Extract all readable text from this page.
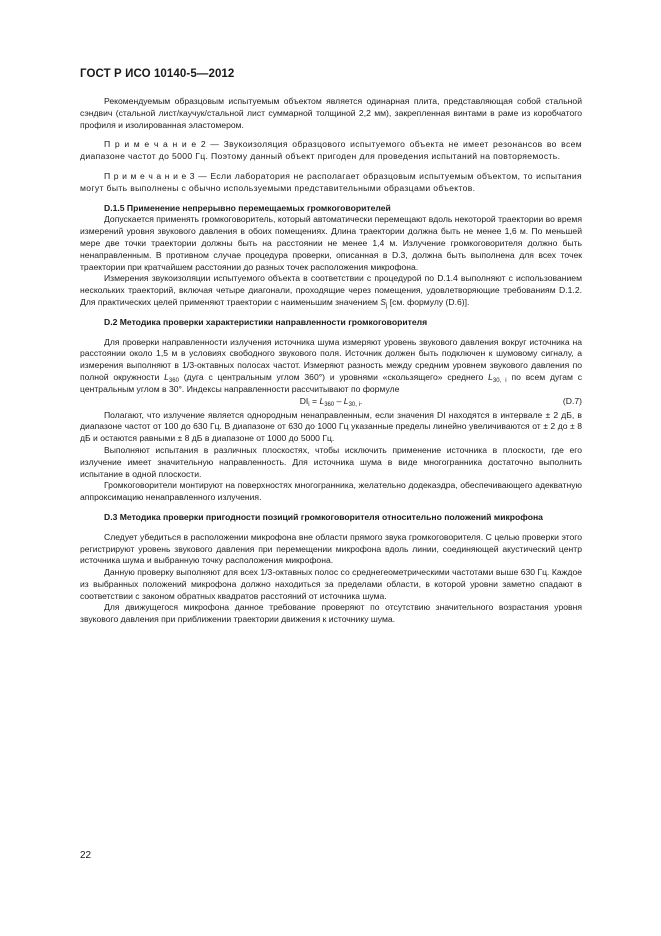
ГОСТ Р ИСО 10140-5—2012

Рекомендуемым образцовым испытуемым объектом является одинарная плита, представляющая собой стальной сэндвич (стальной лист/каучук/стальной лист суммарной толщиной 2,2 мм), закрепленная винтами в раме из коробчатого профиля и изолированная эластомером.

П р и м е ч а н и е 2 — Звукоизоляция образцового испытуемого объекта не имеет резонансов во всем диапазоне частот до 5000 Гц. Поэтому данный объект пригоден для проведения испытаний на повторяемость.

П р и м е ч а н и е 3 — Если лаборатория не располагает образцовым испытуемым объектом, то испытания могут быть выполнены с обычно используемыми представительными образцами объектов.

D.1.5 Применение непрерывно перемещаемых громкоговорителей

Допускается применять громкоговоритель, который автоматически перемещают вдоль некоторой траектории во время измерений уровня звукового давления в обоих помещениях. Длина траектории должна быть не менее 1,6 м. По меньшей мере две точки траектории должны быть на расстоянии не менее 1,4 м. Излучение громкоговорителя должно быть ненаправленным. В противном случае процедура проверки, описанная в D.3, должна быть выполнена для всех точек траектории при кратчайшем расстоянии до разных точек расположения микрофона.

Измерения звукоизоляции испытуемого объекта в соответствии с процедурой по D.1.4 выполняют с использованием нескольких траекторий, включая четыре диагонали, проходящие через помещения, удовлетворяющие требованиям D.1.2. Для практических целей применяют траектории с наименьшим значением $S_j$ [см. формулу (D.6)].

D.2 Методика проверки характеристики направленности громкоговорителя

Для проверки направленности излучения источника шума измеряют уровень звукового давления вокруг источника на расстоянии около 1,5 м в условиях свободного звукового поля. Источник должен быть подключен к шумовому сигналу, а измерения выполняют в 1/3-октавных полосах частот. Измеряют разность между средним уровнем звукового давления по полной окружности $L_{360}$ (дуга с центральным углом 360°) и уровнями «скользящего» среднего $L_{30, i}$ по всем дугам с центральным углом в 30°. Индексы направленности рассчитывают по формуле

$DI_i = L_{360} - L_{30, i}$.	(D.7)

Полагают, что излучение является однородным ненаправленным, если значения DI находятся в интервале ± 2 дБ, в диапазоне частот от 100 до 630 Гц. В диапазоне от 630 до 1000 Гц указанные пределы линейно увеличиваются от ± 2 до ± 8 дБ и остаются равными ± 8 дБ в диапазоне от 1000 до 5000 Гц.

Выполняют испытания в различных плоскостях, чтобы исключить применение источника в плоскости, где его излучение имеет значительную направленность. Для источника шума в виде многогранника достаточно выполнить испытание в одной плоскости.

Громкоговорители монтируют на поверхностях многогранника, желательно додекаэдра, обеспечивающего адекватную аппроксимацию ненаправленного излучения.

D.3 Методика проверки пригодности позиций громкоговорителя относительно положений микрофона

Следует убедиться в расположении микрофона вне области прямого звука громкоговорителя. С целью проверки этого регистрируют уровень звукового давления при перемещении микрофона вдоль линии, соединяющей акустический центр источника шума и выбранную точку расположения микрофона.

Данную проверку выполняют для всех 1/3-октавных полос со среднегеометрическими частотами выше 630 Гц. Каждое из выбранных положений микрофона должно находиться за пределами области, в которой уровни заметно спадают в соответствии с законом обратных квадратов расстояний от источника шума.

Для движущегося микрофона данное требование проверяют по отсутствию значительного возрастания уровня звукового давления при приближении траектории движения к источнику шума.

22
